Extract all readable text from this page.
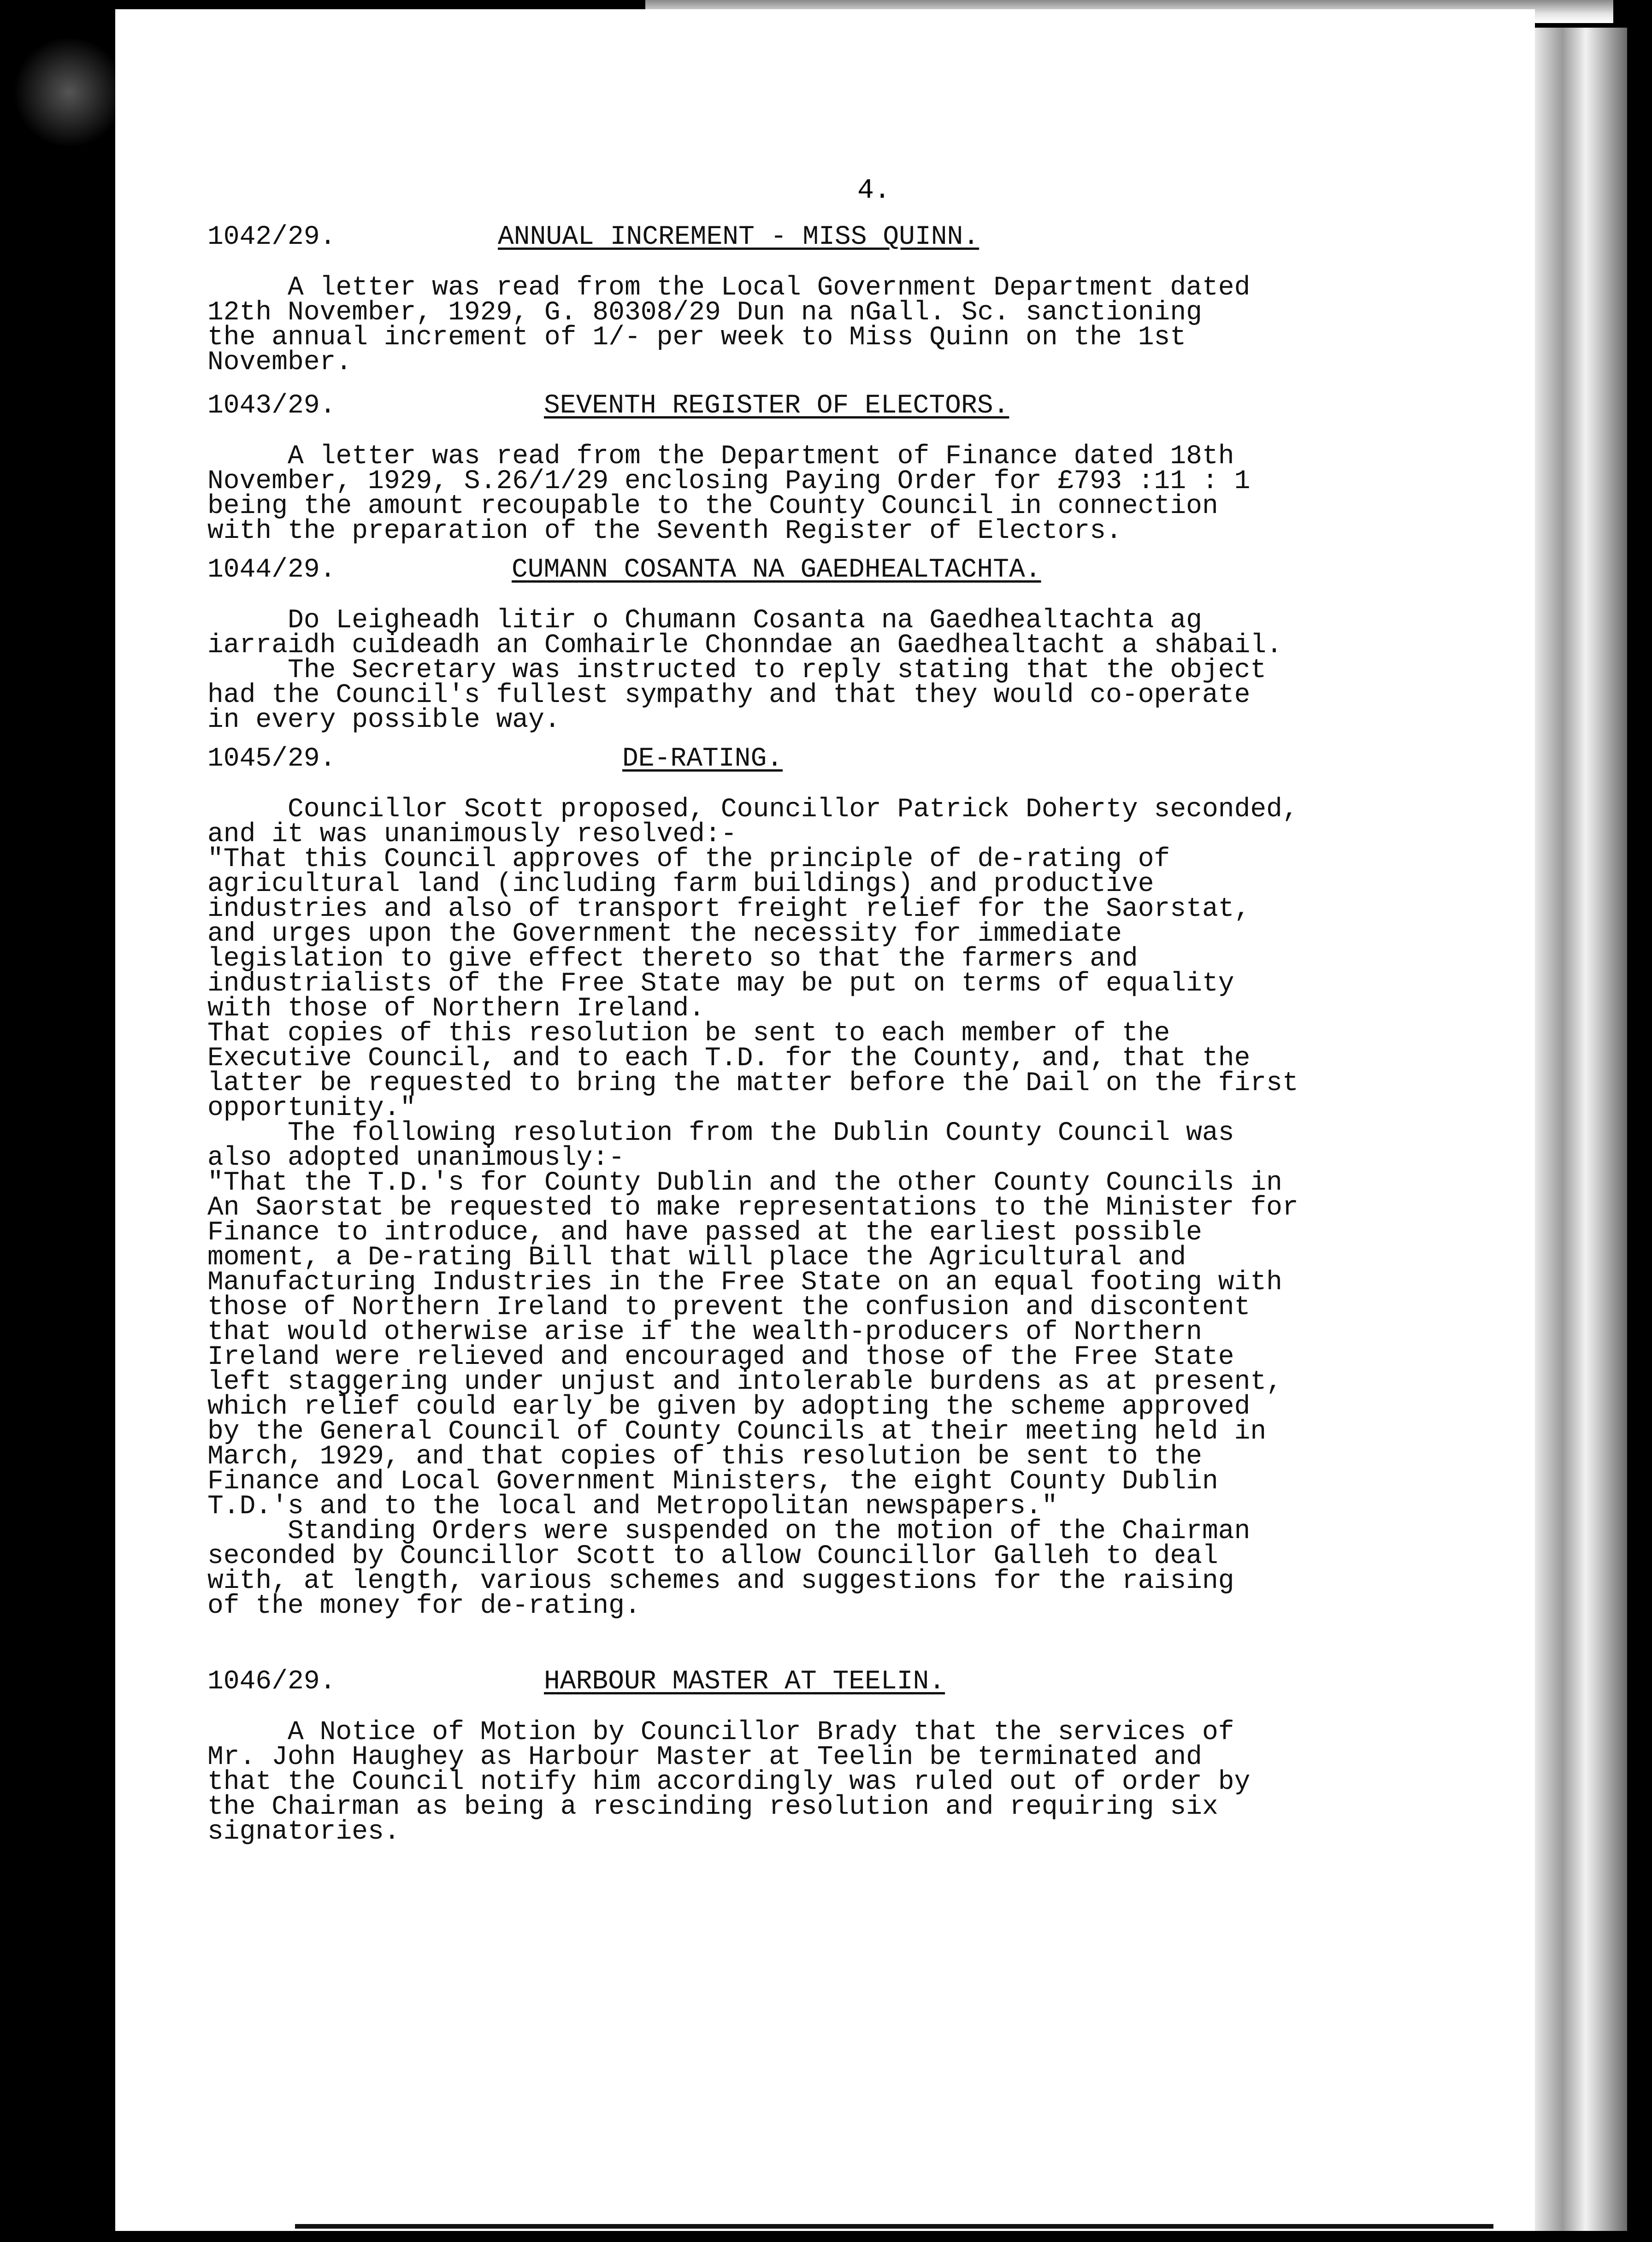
4.
1042/29.	ANNUAL INCREMENT - MISS QUINN.

A letter was read from the Local Government Department dated

12th November, 1929, G. 80308/29 Dun na nGall. Sc. sanctioning

the annual increment of 1/- per week to Miss Quinn on the 1st

November.

1043/29.	SEVENTH REGISTER OF ELECTORS.

A letter was read from the Department of Finance dated 18th

November, 1929, S.26/1/29 enclosing Paying Order for £793 :11 : 1

being the amount recoupable to the County Council in connection

with the preparation of the Seventh Register of Electors.

1044/29.	CUMANN COSANTA NA GAEDHEALTACHTA.

Do Leigheadh litir o Chumann Cosanta na Gaedhealtachta ag

iarraidh cuideadh an Comhairle Chonndae an Gaedhealtacht a shabail.

The Secretary was instructed to reply stating that the object

had the Council's fullest sympathy and that they would co-operate

in every possible way.

1045/29.	DE-RATING.

Councillor Scott proposed, Councillor Patrick Doherty seconded,

and it was unanimously resolved:-

"That this Council approves of the principle of de-rating of

agricultural land (including farm buildings) and productive

industries and also of transport freight relief for the Saorstat,

and urges upon the Government the necessity for immediate

legislation to give effect thereto so that the farmers and

industrialists of the Free State may be put on terms of equality

with those of Northern Ireland.

That copies of this resolution be sent to each member of the

Executive Council, and to each T.D. for the County, and, that the

latter be requested to bring the matter before the Dail on the first

opportunity."

The following resolution from the Dublin County Council was

also adopted unanimously:-

"That the T.D.'s for County Dublin and the other County Councils in

An Saorstat be requested to make representations to the Minister for

Finance to introduce, and have passed at the earliest possible

moment, a De-rating Bill that will place the Agricultural and

Manufacturing Industries in the Free State on an equal footing with

those of Northern Ireland to prevent the confusion and discontent

that would otherwise arise if the wealth-producers of Northern

Ireland were relieved and encouraged and those of the Free State

left staggering under unjust and intolerable burdens as at present,

which relief could early be given by adopting the scheme approved

by the General Council of County Councils at their meeting held in

March, 1929, and that copies of this resolution be sent to the

Finance and Local Government Ministers, the eight County Dublin

T.D.'s and to the local and Metropolitan newspapers."

Standing Orders were suspended on the motion of the Chairman

seconded by Councillor Scott to allow Councillor Galleh to deal

with, at length, various schemes and suggestions for the raising

of the money for de-rating.

1046/29.	HARBOUR MASTER AT TEELIN.

A Notice of Motion by Councillor Brady that the services of

Mr. John Haughey as Harbour Master at Teelin be terminated and

that the Council notify him accordingly was ruled out of order by

the Chairman as being a rescinding resolution and requiring six

signatories.
